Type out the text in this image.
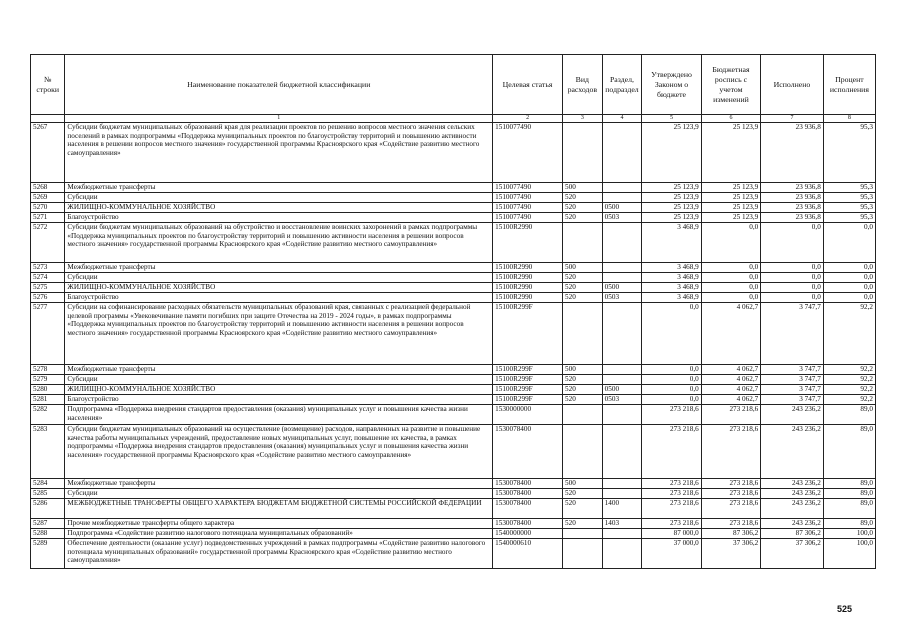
№ строки	Наименование показателей бюджетной классификации	Целевая статья	Вид расходов	Раздел, подраздел	Утверждено Законом о бюджете	Бюджетная роспись с учетом изменений	Исполнено	Процент исполнения
	1	2	3	4	5	6	7	8
5267	Субсидии бюджетам муниципальных образований края для реализации проектов по решению вопросов местного значения сельских поселений в рамках подпрограммы «Поддержка муниципальных проектов по благоустройству территорий и повышению активности населения в решении вопросов местного значения» государственной программы Красноярского края «Содействие развитию местного самоуправления»	1510077490			25 123,9	25 123,9	23 936,8	95,3
5268	Межбюджетные трансферты	1510077490	500		25 123,9	25 123,9	23 936,8	95,3
5269	Субсидии	1510077490	520		25 123,9	25 123,9	23 936,8	95,3
5270	ЖИЛИЩНО-КОММУНАЛЬНОЕ ХОЗЯЙСТВО	1510077490	520	0500	25 123,9	25 123,9	23 936,8	95,3
5271	Благоустройство	1510077490	520	0503	25 123,9	25 123,9	23 936,8	95,3
5272	Субсидии бюджетам муниципальных образований на обустройство и восстановление воинских захоронений в рамках подпрограммы «Поддержка муниципальных проектов по благоустройству территорий и повышению активности населения в решении вопросов местного значения» государственной программы Красноярского края «Содействие развитию местного самоуправления»	15100R2990			3 468,9	0,0	0,0	0,0
5273	Межбюджетные трансферты	15100R2990	500		3 468,9	0,0	0,0	0,0
5274	Субсидии	15100R2990	520		3 468,9	0,0	0,0	0,0
5275	ЖИЛИЩНО-КОММУНАЛЬНОЕ ХОЗЯЙСТВО	15100R2990	520	0500	3 468,9	0,0	0,0	0,0
5276	Благоустройство	15100R2990	520	0503	3 468,9	0,0	0,0	0,0
5277	Субсидии на софинансирование расходных обязательств муниципальных образований края, связанных с реализацией федеральной целевой программы «Увековечивание памяти погибших при защите Отечества на 2019 - 2024 годы», в рамках подпрограммы «Поддержка муниципальных проектов по благоустройству территорий и повышению активности населения в решении вопросов местного значения» государственной программы Красноярского края «Содействие развитию местного самоуправления»	15100R299F			0,0	4 062,7	3 747,7	92,2
5278	Межбюджетные трансферты	15100R299F	500		0,0	4 062,7	3 747,7	92,2
5279	Субсидии	15100R299F	520		0,0	4 062,7	3 747,7	92,2
5280	ЖИЛИЩНО-КОММУНАЛЬНОЕ ХОЗЯЙСТВО	15100R299F	520	0500	0,0	4 062,7	3 747,7	92,2
5281	Благоустройство	15100R299F	520	0503	0,0	4 062,7	3 747,7	92,2
5282	Подпрограмма «Поддержка внедрения стандартов предоставления (оказания) муниципальных услуг и повышения качества жизни населения»	1530000000			273 218,6	273 218,6	243 236,2	89,0
5283	Субсидии бюджетам муниципальных образований на осуществление (возмещение) расходов, направленных на развитие и повышение качества работы муниципальных учреждений, предоставление новых муниципальных услуг, повышение их качества, в рамках подпрограммы «Поддержка внедрения стандартов предоставления (оказания) муниципальных услуг и повышения качества жизни населения» государственной программы Красноярского края «Содействие развитию местного самоуправления»	1530078400			273 218,6	273 218,6	243 236,2	89,0
5284	Межбюджетные трансферты	1530078400	500		273 218,6	273 218,6	243 236,2	89,0
5285	Субсидии	1530078400	520		273 218,6	273 218,6	243 236,2	89,0
5286	МЕЖБЮДЖЕТНЫЕ ТРАНСФЕРТЫ ОБЩЕГО ХАРАКТЕРА БЮДЖЕТАМ БЮДЖЕТНОЙ СИСТЕМЫ РОССИЙСКОЙ ФЕДЕРАЦИИ	1530078400	520	1400	273 218,6	273 218,6	243 236,2	89,0
5287	Прочие межбюджетные трансферты общего характера	1530078400	520	1403	273 218,6	273 218,6	243 236,2	89,0
5288	Подпрограмма «Содействие развитию налогового потенциала муниципальных образований»	1540000000			87 000,0	87 306,2	87 306,2	100,0
5289	Обеспечение деятельности (оказание услуг) подведомственных учреждений в рамках подпрограммы «Содействие развитию налогового потенциала муниципальных образований» государственной программы Красноярского края «Содействие развитию местного самоуправления»	1540000610			37 000,0	37 306,2	37 306,2	100,0
525
